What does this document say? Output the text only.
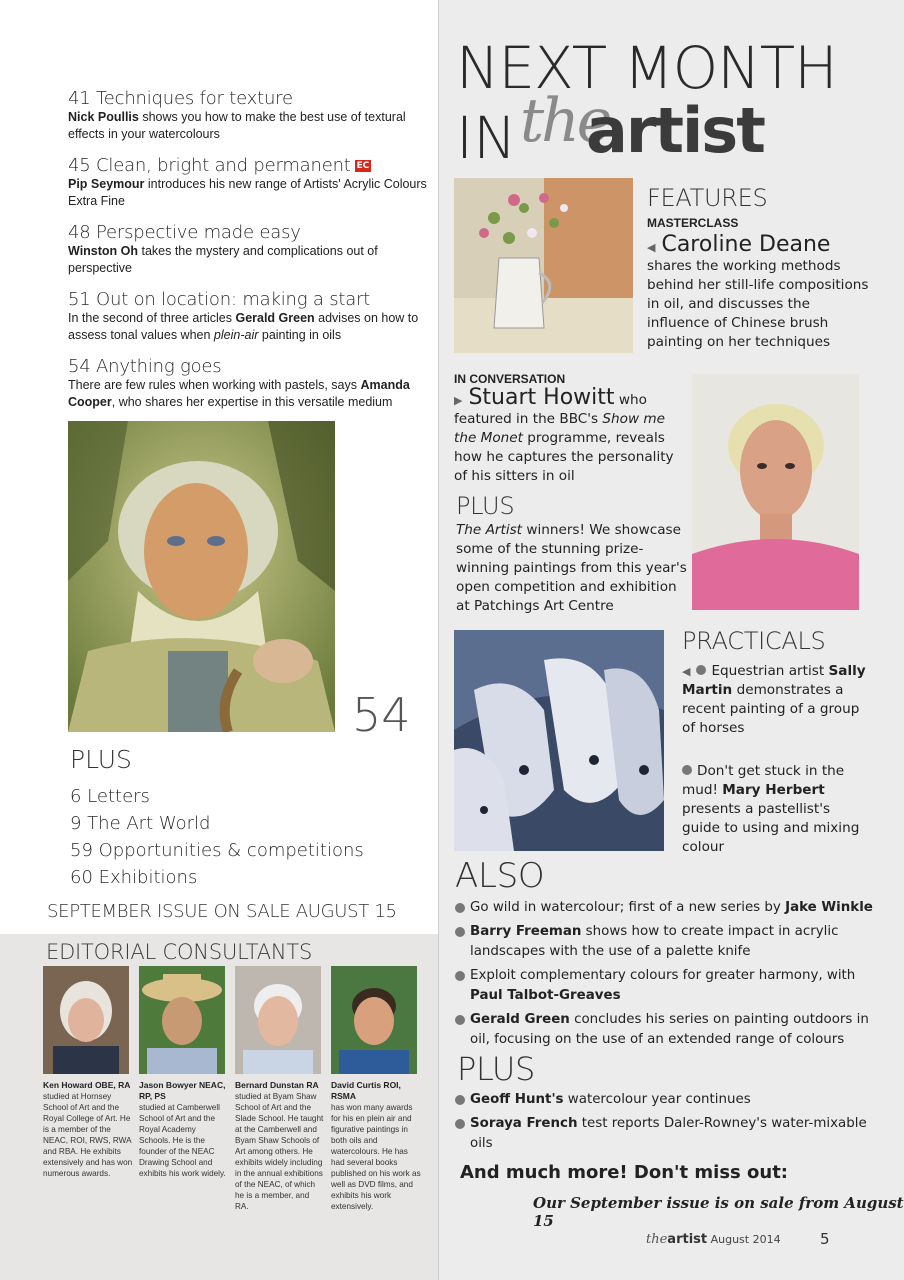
41 Techniques for texture

Nick Poullis shows you how to make the best use of textural effects in your watercolours

45 Clean, bright and permanent EC

Pip Seymour introduces his new range of Artists' Acrylic Colours Extra Fine

48 Perspective made easy

Winston Oh takes the mystery and complications out of perspective

51 Out on location: making a start

In the second of three articles Gerald Green advises on how to assess tonal values when plein-air painting in oils

54 Anything goes

There are few rules when working with pastels, says Amanda Cooper, who shares her expertise in this versatile medium

54
PLUS
6 Letters
9 The Art World
59 Opportunities & competitions
60 Exhibitions
SEPTEMBER ISSUE ON SALE AUGUST 15
EDITORIAL CONSULTANTS
Ken Howard OBE, RA
studied at Hornsey School of Art and the Royal College of Art. He is a member of the NEAC, ROI, RWS, RWA and RBA. He exhibits extensively and has won numerous awards.
Jason Bowyer NEAC, RP, PS
studied at Camberwell School of Art and the Royal Academy Schools. He is the founder of the NEAC Drawing School and exhibits his work widely.
Bernard Dunstan RA
studied at Byam Shaw School of Art and the Slade School. He taught at the Camberwell and Byam Shaw Schools of Art among others. He exhibits widely including in the annual exhibitions of the NEAC, of which he is a member, and RA.
David Curtis ROI, RSMA
has won many awards for his en plein air and figurative paintings in both oils and watercolours. He has had several books published on his work as well as DVD films, and exhibits his work extensively.
NEXT MONTH
IN the
artist
FEATURES
MASTERCLASS
◀ Caroline Deane
shares the working methods behind her still-life compositions in oil, and discusses the influence of Chinese brush painting on her techniques
IN CONVERSATION
▶ Stuart Howitt who featured in the BBC's Show me the Monet programme, reveals how he captures the personality of his sitters in oil
PLUS
The Artist winners! We showcase some of the stunning prize-winning paintings from this year's open competition and exhibition at Patchings Art Centre
PRACTICALS
◀ Equestrian artist Sally Martin demonstrates a recent painting of a group of horses
Don't get stuck in the mud! Mary Herbert presents a pastellist's guide to using and mixing colour
ALSO
Go wild in watercolour; first of a new series by Jake Winkle
Barry Freeman shows how to create impact in acrylic landscapes with the use of a palette knife
Exploit complementary colours for greater harmony, with Paul Talbot-Greaves
Gerald Green concludes his series on painting outdoors in oil, focusing on the use of an extended range of colours
PLUS
Geoff Hunt's watercolour year continues
Soraya French test reports Daler-Rowney's water-mixable oils
And much more! Don't miss out:
Our September issue is on sale from August 15
theartist August 2014	5
